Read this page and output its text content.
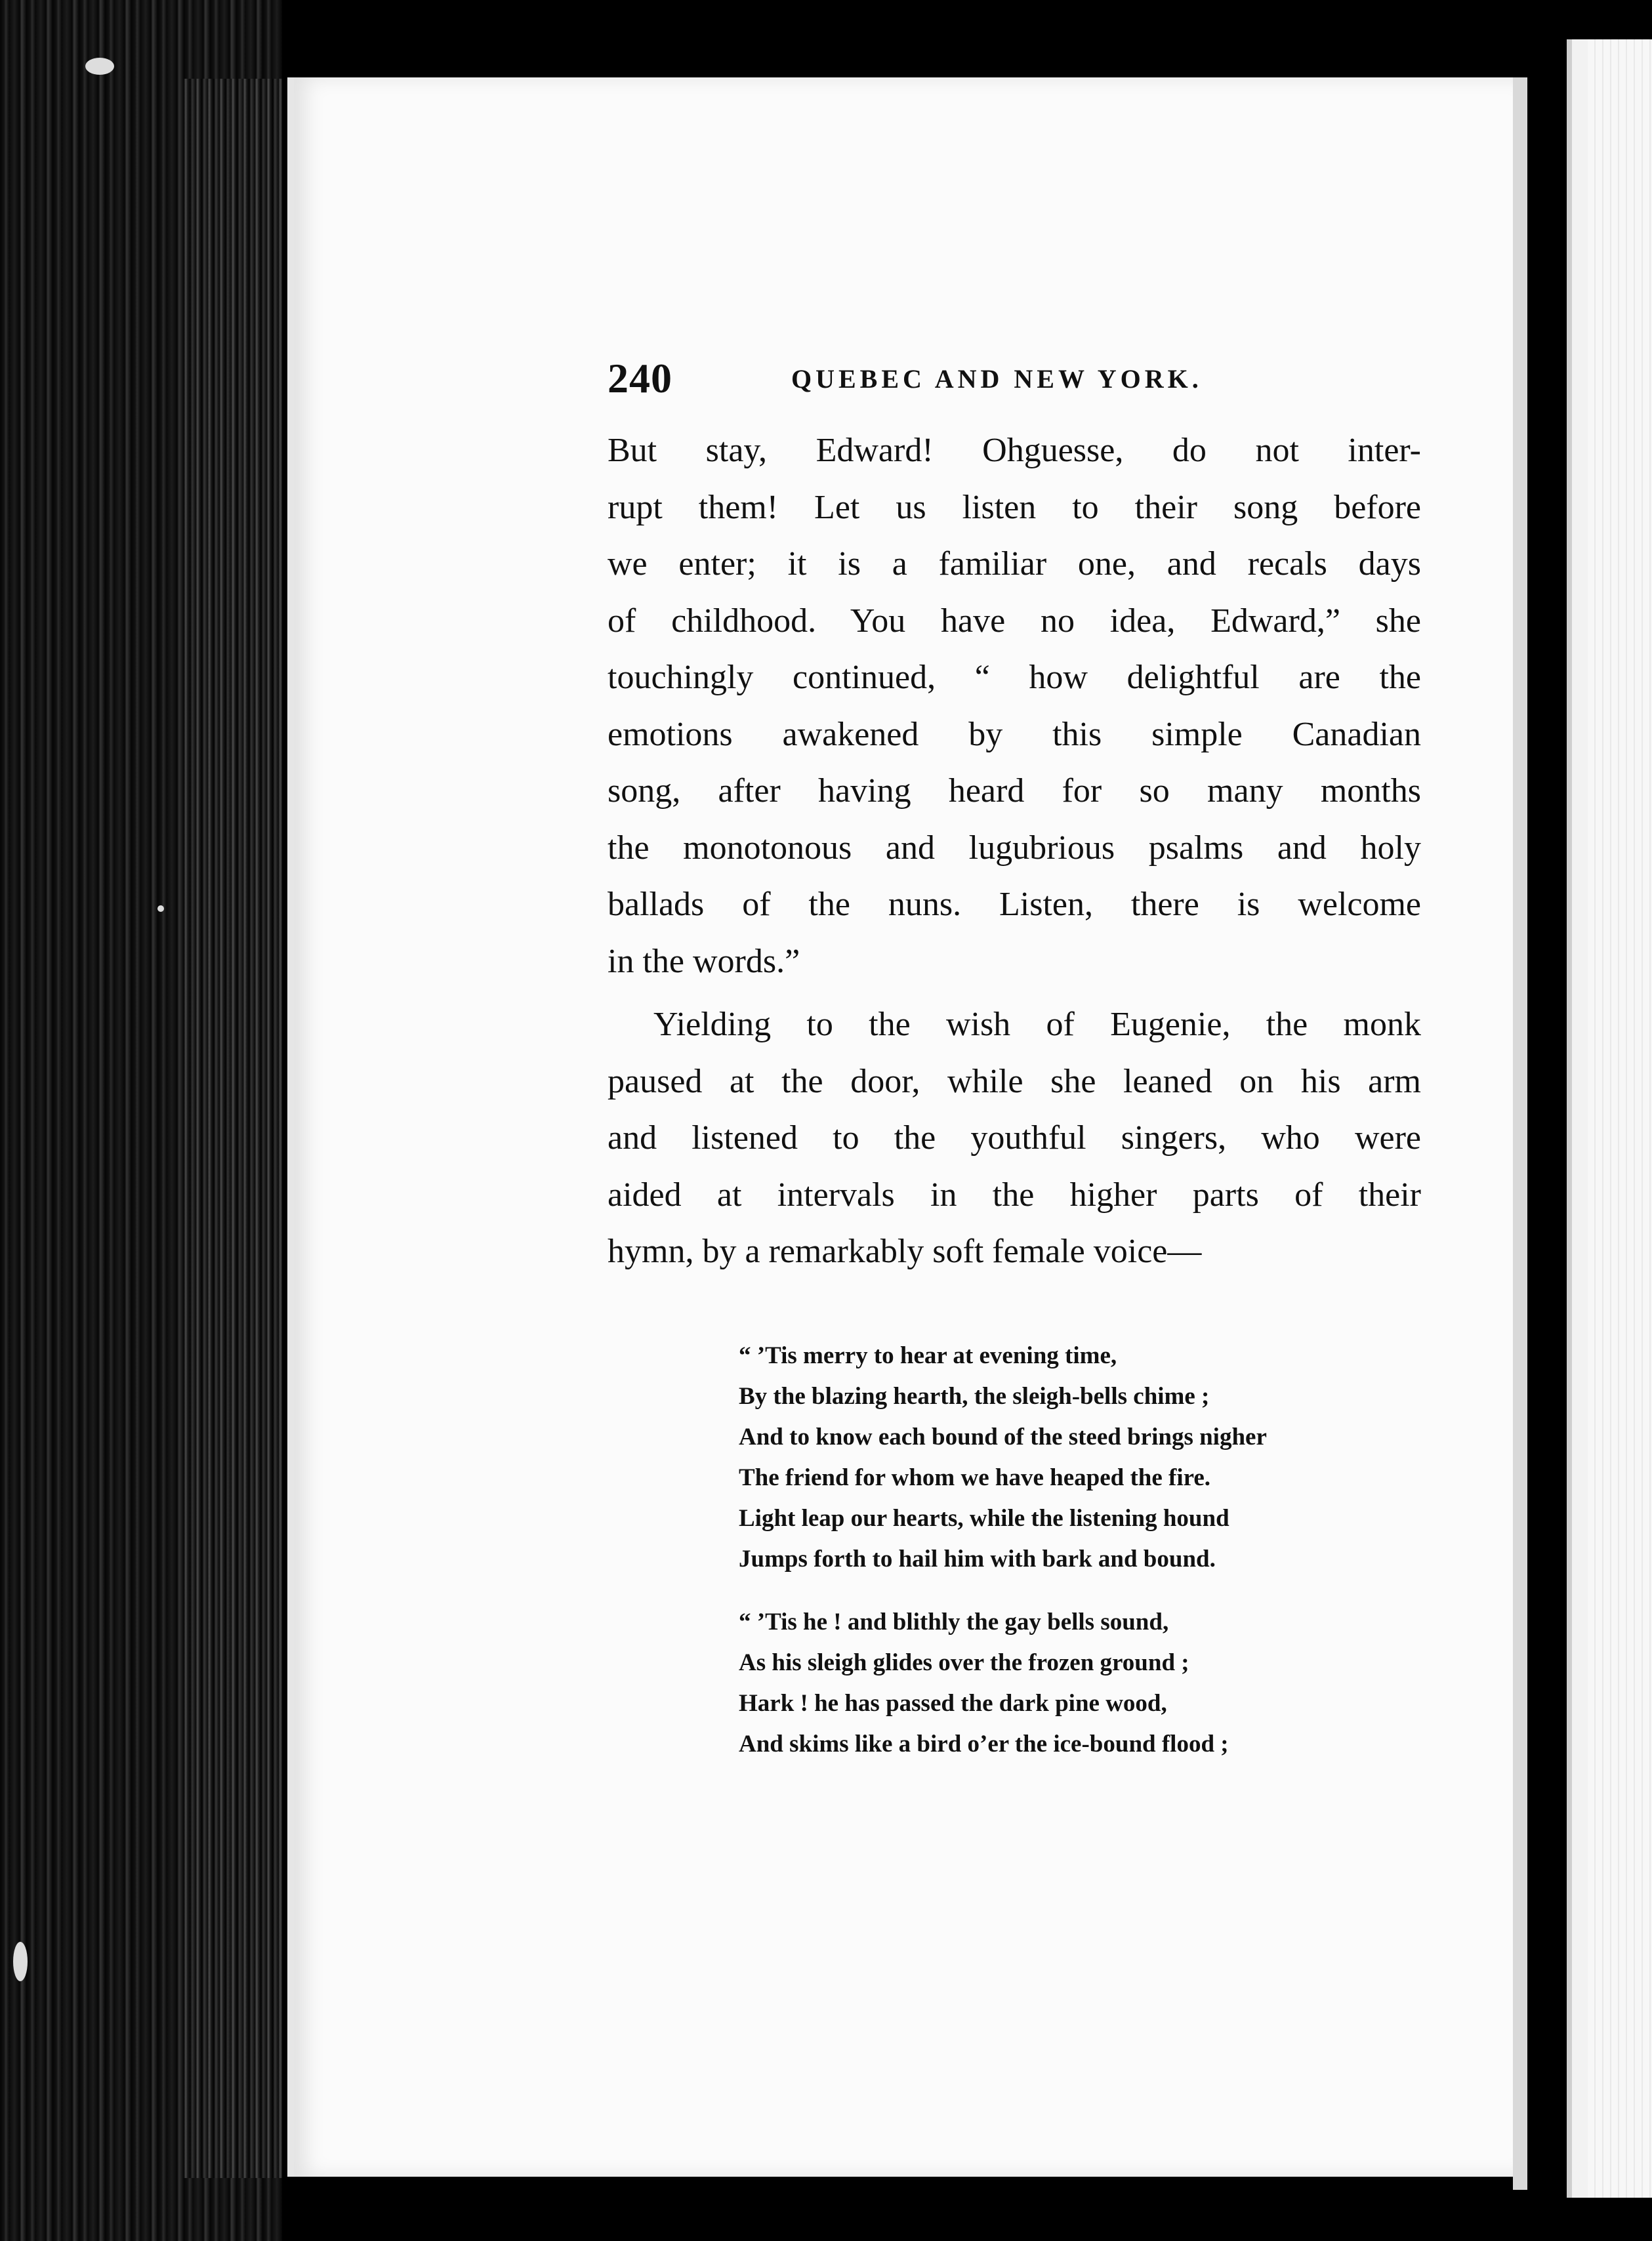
240	QUEBEC AND NEW YORK.

But stay, Edward! Ohguesse, do not inter-
rupt them! Let us listen to their song before
we enter; it is a familiar one, and recals days
of childhood. You have no idea, Edward,” she
touchingly continued, “ how delightful are the
emotions awakened by this simple Canadian
song, after having heard for so many months
the monotonous and lugubrious psalms and holy
ballads of the nuns. Listen, there is welcome
in the words.”

Yielding to the wish of Eugenie, the monk
paused at the door, while she leaned on his arm
and listened to the youthful singers, who were
aided at intervals in the higher parts of their
hymn, by a remarkably soft female voice—

“ ’Tis merry to hear at evening time,
By the blazing hearth, the sleigh-bells chime ;
And to know each bound of the steed brings nigher
The friend for whom we have heaped the fire.
Light leap our hearts, while the listening hound
Jumps forth to hail him with bark and bound.
“ ’Tis he ! and blithly the gay bells sound,
As his sleigh glides over the frozen ground ;
Hark ! he has passed the dark pine wood,
And skims like a bird o’er the ice-bound flood ;
